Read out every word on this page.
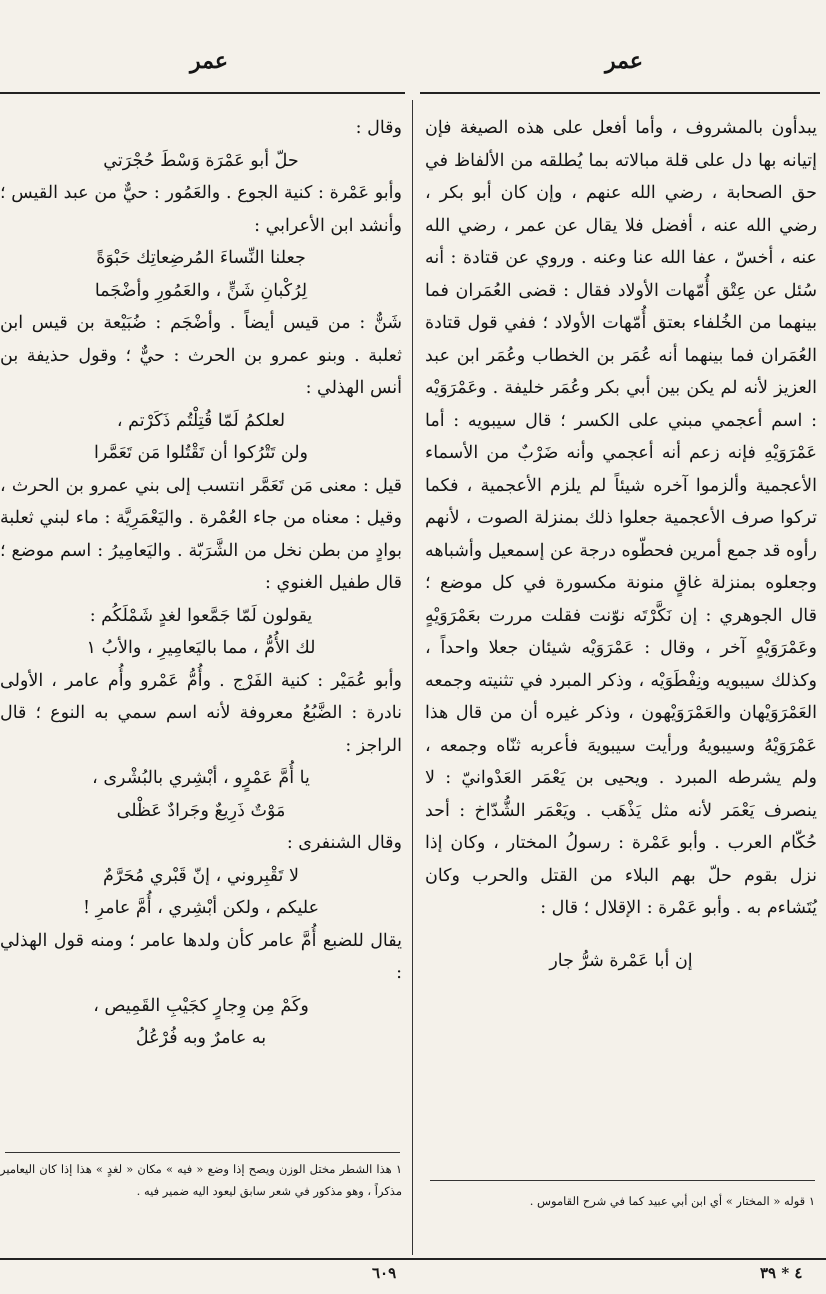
عمر
عمر

يبدأون بالمشروف ، وأما أفعل على هذه الصيغة فإن إتيانه بها دل على قلة مبالاته بما يُطلقه من الألفاظ في حق الصحابة ، رضي الله عنهم ، وإن كان أبو بكر ، رضي الله عنه ، أفضل فلا يقال عن عمر ، رضي الله عنه ، أخسّ ، عفا الله عنا وعنه . وروي عن قتادة : أنه سُئل عن عِتْق أُمّهات الأولاد فقال : قضى العُمَران فما بينهما من الخُلفاء بعتق أُمّهات الأولاد ؛ ففي قول قتادة العُمَران فما بينهما أنه عُمَر بن الخطاب وعُمَر ابن عبد العزيز لأنه لم يكن بين أبي بكر وعُمَر خليفة . وعَمْرَوَيْه : اسم أعجمي مبني على الكسر ؛ قال سيبويه : أما عَمْرَوَيْهِ فإنه زعم أنه أعجمي وأنه ضَرْبٌ من الأسماء الأعجمية وألزموا آخره شيئاً لم يلزم الأعجمية ، فكما تركوا صرف الأعجمية جعلوا ذلك بمنزلة الصوت ، لأنهم رأوه قد جمع أمرين فحطّوه درجة عن إسمعيل وأشباهه وجعلوه بمنزلة غاقٍ منونة مكسورة في كل موضع ؛ قال الجوهري : إن نَكَّرْتَه نوّنت فقلت مررت بعَمْرَوَيْهٍ وعَمْرَوَيْهٍ آخر ، وقال : عَمْرَوَيْه شيئان جعلا واحداً ، وكذلك سيبويه ونِفْطَوَيْه ، وذكر المبرد في تثنيته وجمعه العَمْرَوَيْهان والعَمْرَوَيْهون ، وذكر غيره أن من قال هذا عَمْرَوَيْهُ وسيبويهُ ورأيت سيبويهَ فأعربه ثنّاه وجمعه ، ولم يشرطه المبرد . ويحيى بن يَعْمَر العَدْوانيّ : لا ينصرف يَعْمَر لأنه مثل يَذْهَب . ويَعْمَر الشُّدّاخ : أحد حُكّام العرب . وأبو عَمْرة : رسولُ المختار ، وكان إذا نزل بقوم حلّ بهم البلاء من القتل والحرب وكان يُتَشاءم به . وأبو عَمْرة : الإقلال ؛ قال :

إن أبا عَمْرة شرُّ جار

وقال :

حلّ أبو عَمْرَة وَسْطَ حُجْرَتي

وأبو عَمْرة : كنية الجوع . والعَمُور : حيٌّ من عبد القيس ؛ وأنشد ابن الأعرابي :

جعلنا النِّساءَ المُرضِعاتِك حَبْوَةً

لِرُكْبانِ شَنٍّ ، والعَمُورِ وأضْجَما

شَنٌّ : من قيس أيضاً . وأضْجَم : ضُبَيْعة بن قيس ابن ثعلبة . وبنو عمرو بن الحرث : حيٌّ ؛ وقول حذيفة بن أنس الهذلي :

لعلكمُ لَمّا قُتِلْتُم ذَكَرْتم ،

ولن تَتْرُكوا أن تَقْتُلوا مَن تَعَمَّرا

قيل : معنى مَن تَعَمَّر انتسب إلى بني عمرو بن الحرث ، وقيل : معناه من جاء العُمْرة . واليَعْمَرِيَّة : ماء لبني ثعلبة بوادٍ من بطن نخل من الشَّرَبّة . واليَعامِيرُ : اسم موضع ؛ قال طفيل الغنوي :

يقولون لَمّا جَمَّعوا لغدٍ شَمْلَكُم :

لك الأُمُّ ، مما باليَعامِيرِ ، والأبُ ١

وأبو عُمَيْر : كنية الفَرْج . وأُمُّ عَمْرو وأُم عامر ، الأولى نادرة : الضَّبُعُ معروفة لأنه اسم سمي به النوع ؛ قال الراجز :

يا أُمَّ عَمْرٍو ، أبْشِري بالبُشْرى ،

مَوْتٌ ذَرِيعٌ وجَرادٌ عَظْلى

وقال الشنفرى :

لا تَقْبِروني ، إنّ قَبْري مُحَرَّمٌ

عليكم ، ولكن أبْشِري ، أُمَّ عامرِ !

يقال للضبع أُمَّ عامر كأن ولدها عامر ؛ ومنه قول الهذلي :

وكَمْ مِن وِجارٍ كجَيْبِ القَمِيص ،

به عامرٌ وبه فُرْعُلُ

١ قوله « المختار » أي ابن أبي عبيد كما في شرح القاموس .
١ هذا الشطر مختل الوزن ويصح إذا وضع « فيه » مكان « لغدٍ » هذا إذا كان اليعامير مذكراً ، وهو مذكور في شعر سابق ليعود اليه ضمير فيه .
٦٠٩	٤ * ٣٩
